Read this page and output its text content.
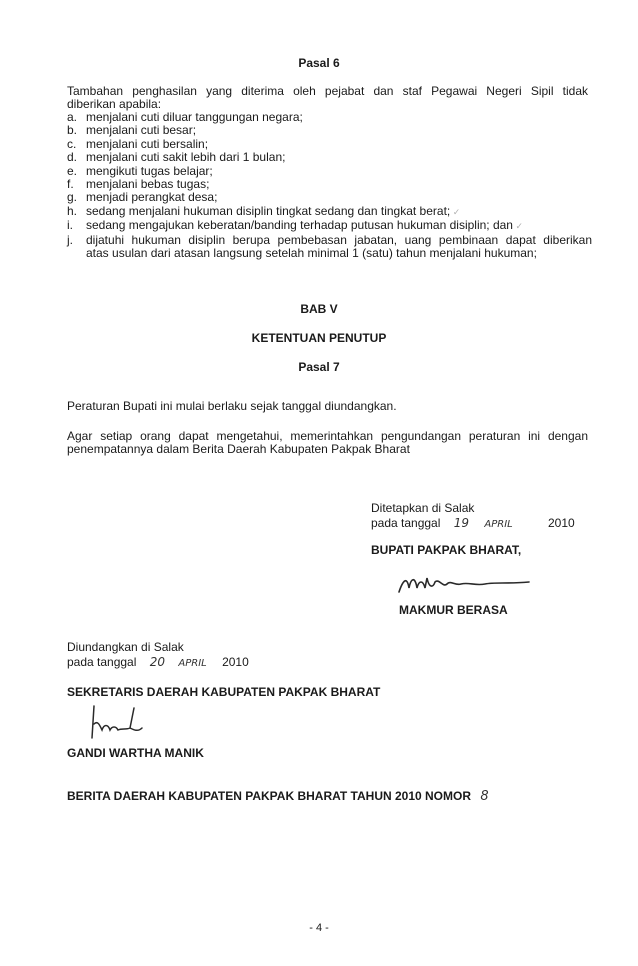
Pasal 6
Tambahan penghasilan yang diterima oleh pejabat dan staf Pegawai Negeri Sipil tidak
diberikan apabila:
a. menjalani cuti diluar tanggungan negara;
b. menjalani cuti besar;
c. menjalani cuti bersalin;
d. menjalani cuti sakit lebih dari 1 bulan;
e. mengikuti tugas belajar;
f. menjalani bebas tugas;
g. menjadi perangkat desa;
h. sedang menjalani hukuman disiplin tingkat sedang dan tingkat berat; ✓
i. sedang mengajukan keberatan/banding terhadap putusan hukuman disiplin; dan ✓
j. dijatuhi hukuman disiplin berupa pembebasan jabatan, uang pembinaan dapat diberikan
atas usulan dari atasan langsung setelah minimal 1 (satu) tahun menjalani hukuman;
BAB V
KETENTUAN PENUTUP
Pasal 7
Peraturan Bupati ini mulai berlaku sejak tanggal diundangkan.
Agar setiap orang dapat mengetahui, memerintahkan pengundangan peraturan ini dengan
penempatannya dalam Berita Daerah Kabupaten Pakpak Bharat
Ditetapkan di Salak
pada tanggal 19 APRIL	2010
BUPATI PAKPAK BHARAT,
MAKMUR BERASA
Diundangkan di Salak
pada tanggal 20 APRIL 2010
SEKRETARIS DAERAH KABUPATEN PAKPAK BHARAT
GANDI WARTHA MANIK
BERITA DAERAH KABUPATEN PAKPAK BHARAT TAHUN 2010 NOMOR 8
- 4 -
